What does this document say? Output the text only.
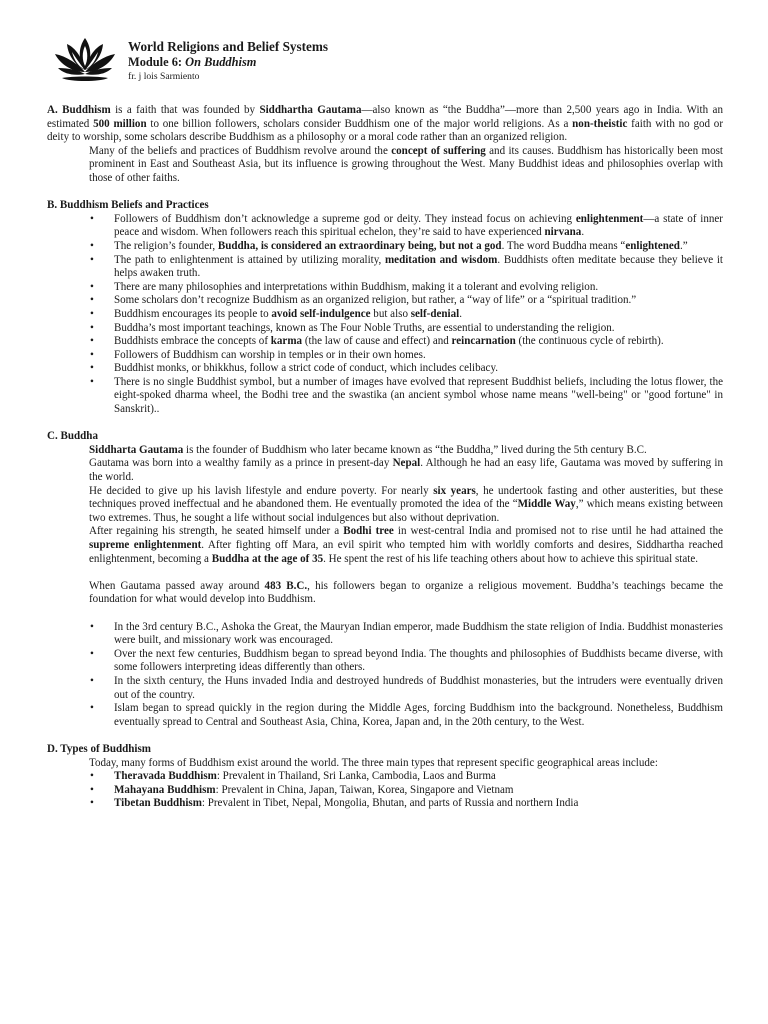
World Religions and Belief Systems
Module 6: On Buddhism
fr. j lois Sarmiento
A. Buddhism is a faith that was founded by Siddhartha Gautama—also known as “the Buddha”—more than 2,500 years ago in India. With an estimated 500 million to one billion followers, scholars consider Buddhism one of the major world religions. As a non-theistic faith with no god or deity to worship, some scholars describe Buddhism as a philosophy or a moral code rather than an organized religion.
Many of the beliefs and practices of Buddhism revolve around the concept of suffering and its causes. Buddhism has historically been most prominent in East and Southeast Asia, but its influence is growing throughout the West. Many Buddhist ideas and philosophies overlap with those of other faiths.
B. Buddhism Beliefs and Practices
• Followers of Buddhism don’t acknowledge a supreme god or deity. They instead focus on achieving enlightenment—a state of inner peace and wisdom. When followers reach this spiritual echelon, they’re said to have experienced nirvana.
• The religion’s founder, Buddha, is considered an extraordinary being, but not a god. The word Buddha means “enlightened.”
• The path to enlightenment is attained by utilizing morality, meditation and wisdom. Buddhists often meditate because they believe it helps awaken truth.
• There are many philosophies and interpretations within Buddhism, making it a tolerant and evolving religion.
• Some scholars don’t recognize Buddhism as an organized religion, but rather, a “way of life” or a “spiritual tradition.”
• Buddhism encourages its people to avoid self-indulgence but also self-denial.
• Buddha’s most important teachings, known as The Four Noble Truths, are essential to understanding the religion.
• Buddhists embrace the concepts of karma (the law of cause and effect) and reincarnation (the continuous cycle of rebirth).
• Followers of Buddhism can worship in temples or in their own homes.
• Buddhist monks, or bhikkhus, follow a strict code of conduct, which includes celibacy.
• There is no single Buddhist symbol, but a number of images have evolved that represent Buddhist beliefs, including the lotus flower, the eight-spoked dharma wheel, the Bodhi tree and the swastika (an ancient symbol whose name means "well-being" or "good fortune" in Sanskrit)..
C. Buddha
Siddharta Gautama is the founder of Buddhism who later became known as “the Buddha,” lived during the 5th century B.C.
Gautama was born into a wealthy family as a prince in present-day Nepal. Although he had an easy life, Gautama was moved by suffering in the world.
He decided to give up his lavish lifestyle and endure poverty. For nearly six years, he undertook fasting and other austerities, but these techniques proved ineffectual and he abandoned them. He eventually promoted the idea of the “Middle Way,” which means existing between two extremes. Thus, he sought a life without social indulgences but also without deprivation.
After regaining his strength, he seated himself under a Bodhi tree in west-central India and promised not to rise until he had attained the supreme enlightenment. After fighting off Mara, an evil spirit who tempted him with worldly comforts and desires, Siddhartha reached enlightenment, becoming a Buddha at the age of 35. He spent the rest of his life teaching others about how to achieve this spiritual state.
When Gautama passed away around 483 B.C., his followers began to organize a religious movement. Buddha’s teachings became the foundation for what would develop into Buddhism.
• In the 3rd century B.C., Ashoka the Great, the Mauryan Indian emperor, made Buddhism the state religion of India. Buddhist monasteries were built, and missionary work was encouraged.
• Over the next few centuries, Buddhism began to spread beyond India. The thoughts and philosophies of Buddhists became diverse, with some followers interpreting ideas differently than others.
• In the sixth century, the Huns invaded India and destroyed hundreds of Buddhist monasteries, but the intruders were eventually driven out of the country.
• Islam began to spread quickly in the region during the Middle Ages, forcing Buddhism into the background. Nonetheless, Buddhism eventually spread to Central and Southeast Asia, China, Korea, Japan and, in the 20th century, to the West.
D. Types of Buddhism
Today, many forms of Buddhism exist around the world. The three main types that represent specific geographical areas include:
• Theravada Buddhism: Prevalent in Thailand, Sri Lanka, Cambodia, Laos and Burma
• Mahayana Buddhism: Prevalent in China, Japan, Taiwan, Korea, Singapore and Vietnam
• Tibetan Buddhism: Prevalent in Tibet, Nepal, Mongolia, Bhutan, and parts of Russia and northern India
